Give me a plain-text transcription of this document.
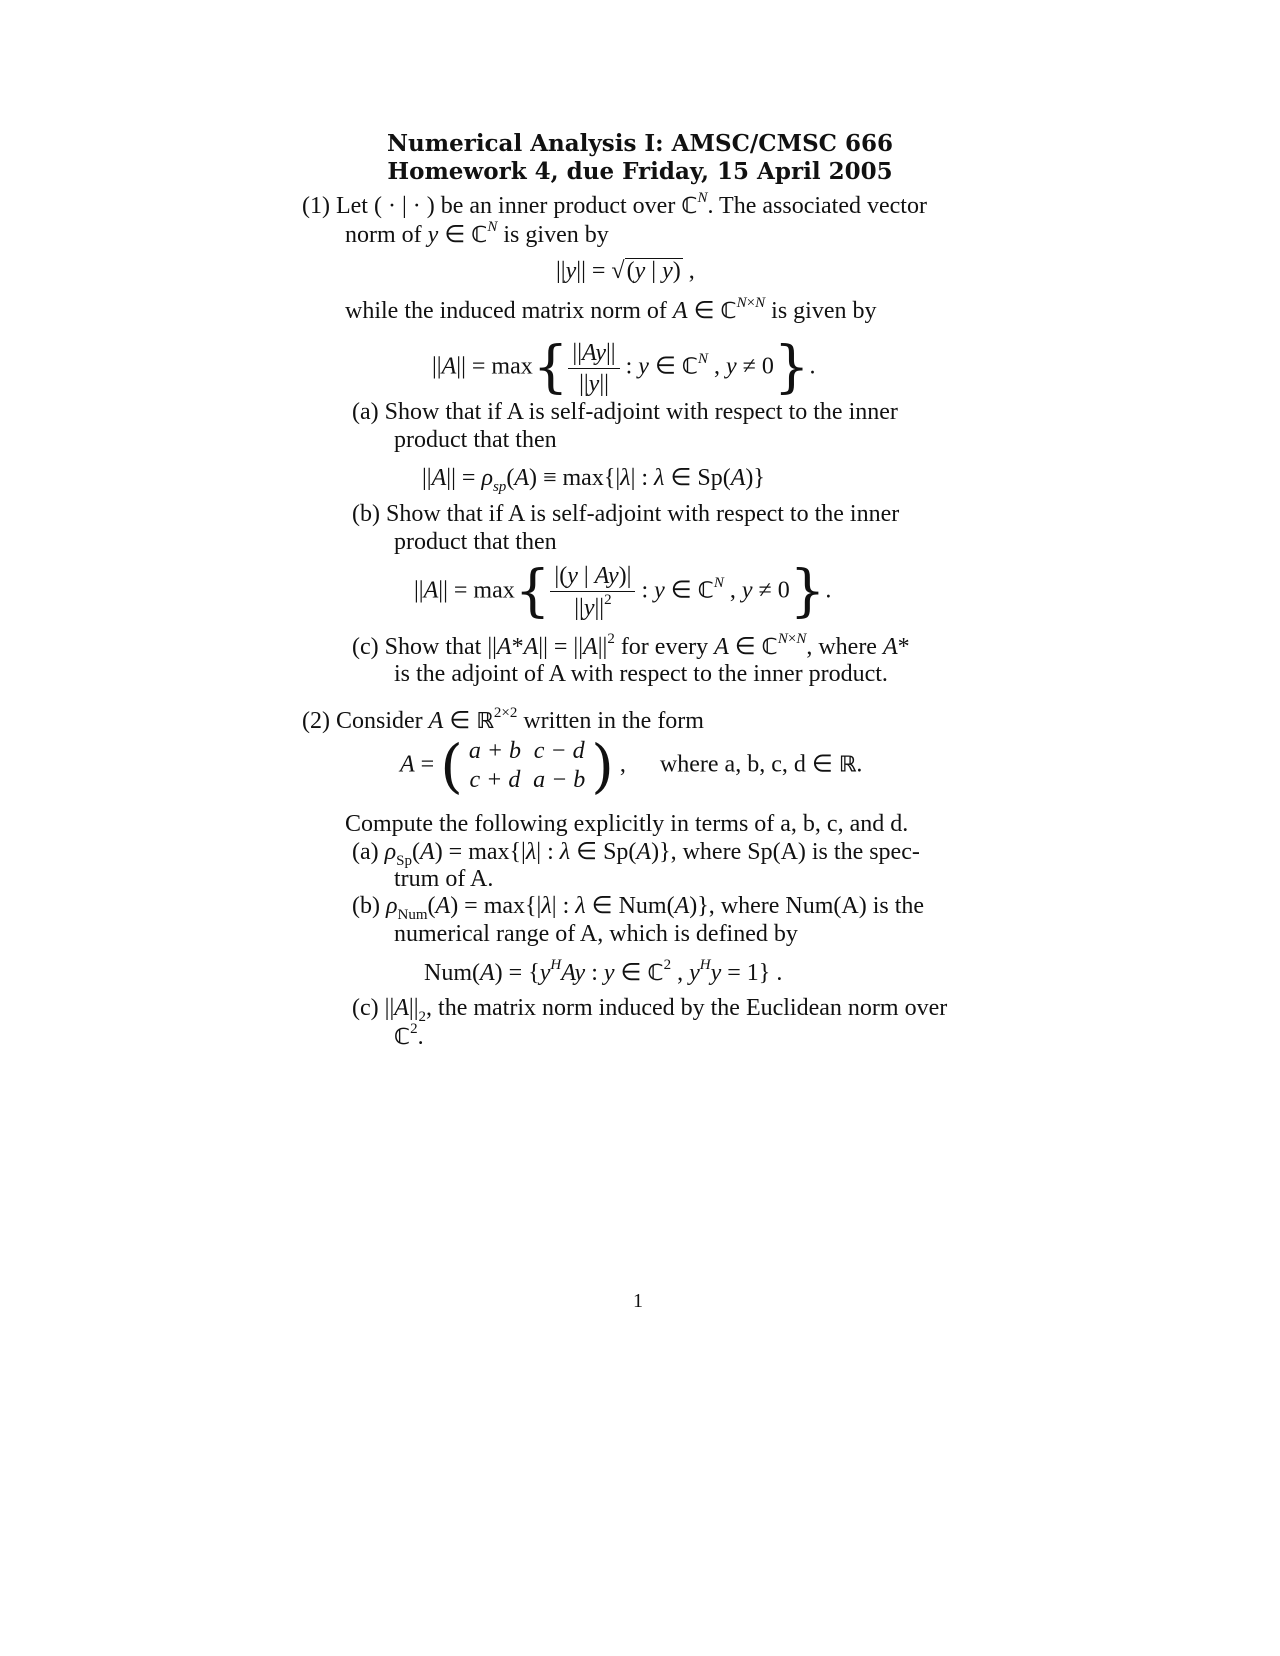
Numerical Analysis I: AMSC/CMSC 666
Homework 4, due Friday, 15 April 2005
(1) Let ( · | · ) be an inner product over ℂ$^N$. The associated vector
norm of y ∈ ℂ$^N$ is given by
||y|| = √(y | y) ,
while the induced matrix norm of A ∈ ℂ$^{N\times N}$ is given by
$||A|| = \max\{ \frac{||Ay||}{||y||}$ : y ∈ ℂ$^N$ , y ≠ 0}.
(a) Show that if A is self-adjoint with respect to the inner
product that then
$||A|| = \rho_{sp}(A) \equiv \max\{|\lambda|$ : λ ∈ Sp(A)}
(b) Show that if A is self-adjoint with respect to the inner
product that then
$||A|| = \max\{ \frac{|(y | Ay)|}{||y||^2}$ : y ∈ ℂ$^N$ , y ≠ 0}.
(c) Show that $||A*A|| = ||A||^2$ for every A ∈ ℂ$^{N\times N}$, where A*
is the adjoint of A with respect to the inner product.
(2) Consider A ∈ ℝ$^{2\times 2}$ written in the form
A = ( a + b	c − d
c + d	a − b ) ,  where a, b, c, d ∈ ℝ.
Compute the following explicitly in terms of a, b, c, and d.
(a) $\rho_{Sp}(A) = \max\{|\lambda|$ : λ ∈ Sp(A)}, where Sp(A) is the spec-
trum of A.
(b) $\rho_{Num}(A) = \max\{|\lambda|$ : λ ∈ Num(A)}, where Num(A) is the
numerical range of A, which is defined by
$Num(A) = \{y^HAy$ : y ∈ ℂ$^2$ , $y^Hy = 1$} .
(c) $||A||_2$, the matrix norm induced by the Euclidean norm over
ℂ$^2$.
1
